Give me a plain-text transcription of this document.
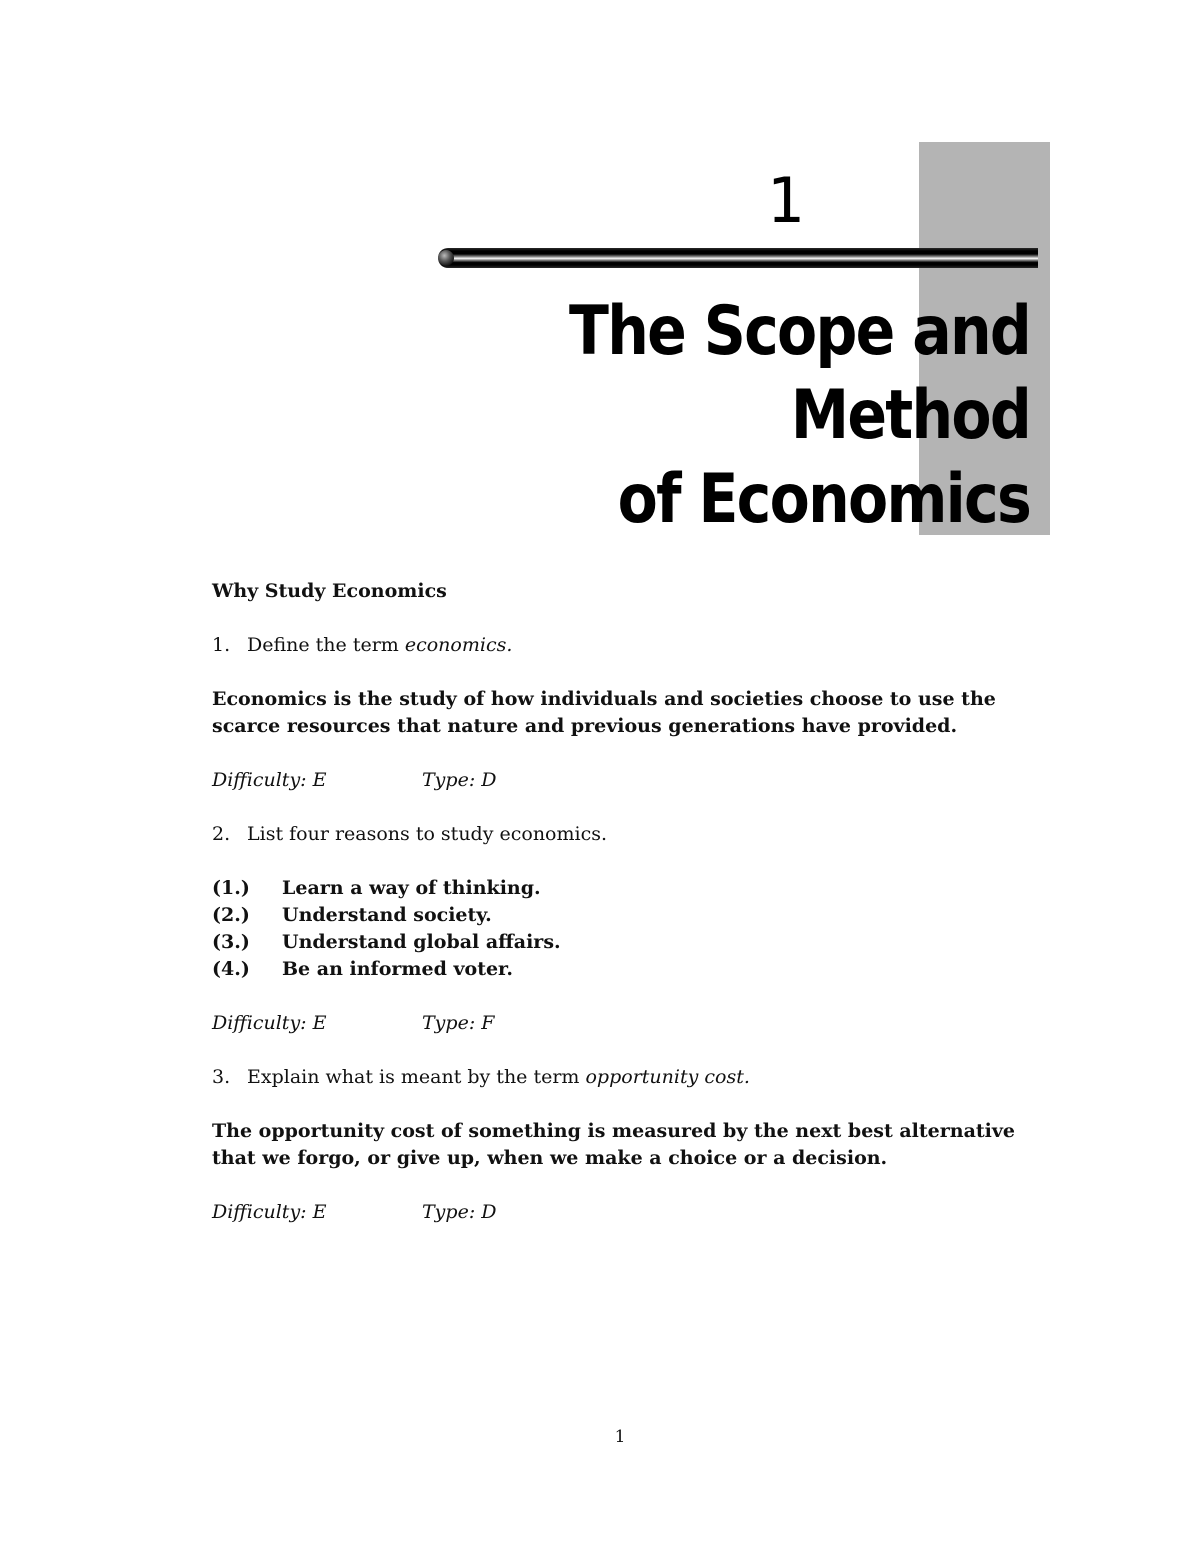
1
The Scope and
Method
of Economics
Why Study Economics
1. Define the term economics.
Economics is the study of how individuals and societies choose to use the scarce resources that nature and previous generations have provided.
Difficulty: E	Type: D
2. List four reasons to study economics.
(1.)	Learn a way of thinking.
(2.)	Understand society.
(3.)	Understand global affairs.
(4.)	Be an informed voter.
Difficulty: E	Type: F
3. Explain what is meant by the term opportunity cost.
The opportunity cost of something is measured by the next best alternative that we forgo, or give up, when we make a choice or a decision.
Difficulty: E	Type: D
1
